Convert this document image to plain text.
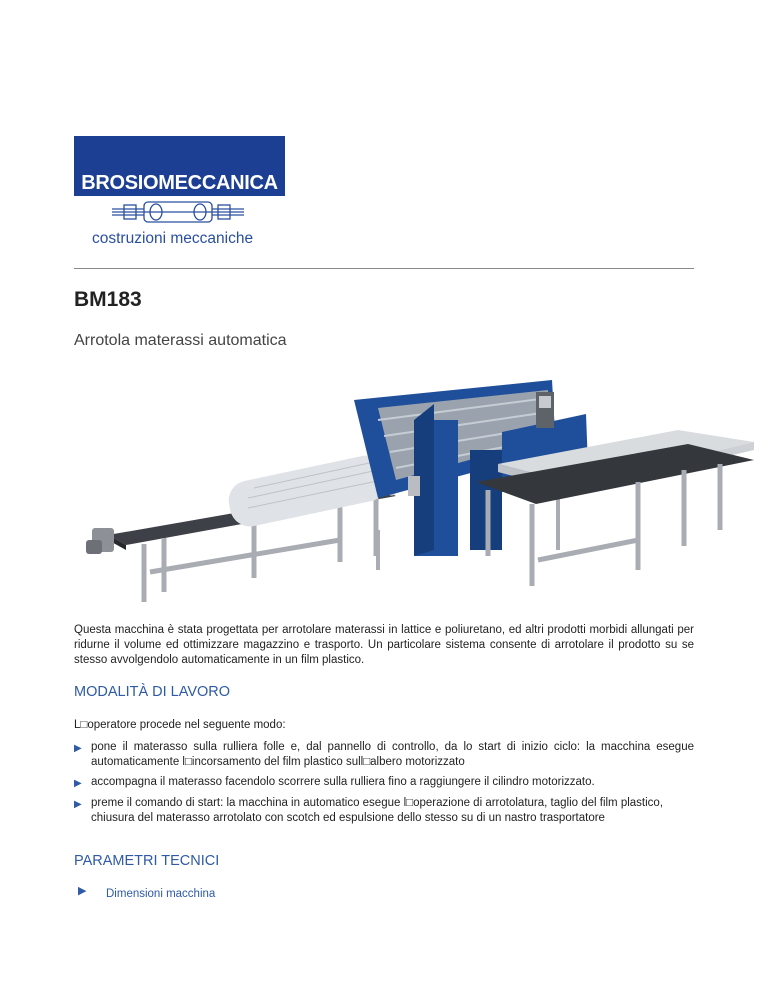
BROSIOMECCANICA
costruzioni meccaniche
BM183

Arrotola materassi automatica

Questa macchina è stata progettata per arrotolare materassi in lattice e poliuretano, ed altri prodotti morbidi allungati per ridurne il volume ed ottimizzare magazzino e trasporto. Un particolare sistema consente di arrotolare il prodotto su se stesso avvolgendolo automaticamente in un film plastico.

MODALITÀ DI LAVORO

L□operatore procede nel seguente modo:

▶ pone il materasso sulla rulliera folle e, dal pannello di controllo, da lo start di inizio ciclo: la macchina esegue automaticamente l□incorsamento del film plastico sull□albero motorizzato
▶ accompagna il materasso facendolo scorrere sulla rulliera fino a raggiungere il cilindro motorizzato.
▶ preme il comando di start: la macchina in automatico esegue l□operazione di arrotolatura, taglio del film plastico, chiusura del materasso arrotolato con scotch ed espulsione dello stesso su di un nastro trasportatore
PARAMETRI TECNICI
▶ Dimensioni macchina
